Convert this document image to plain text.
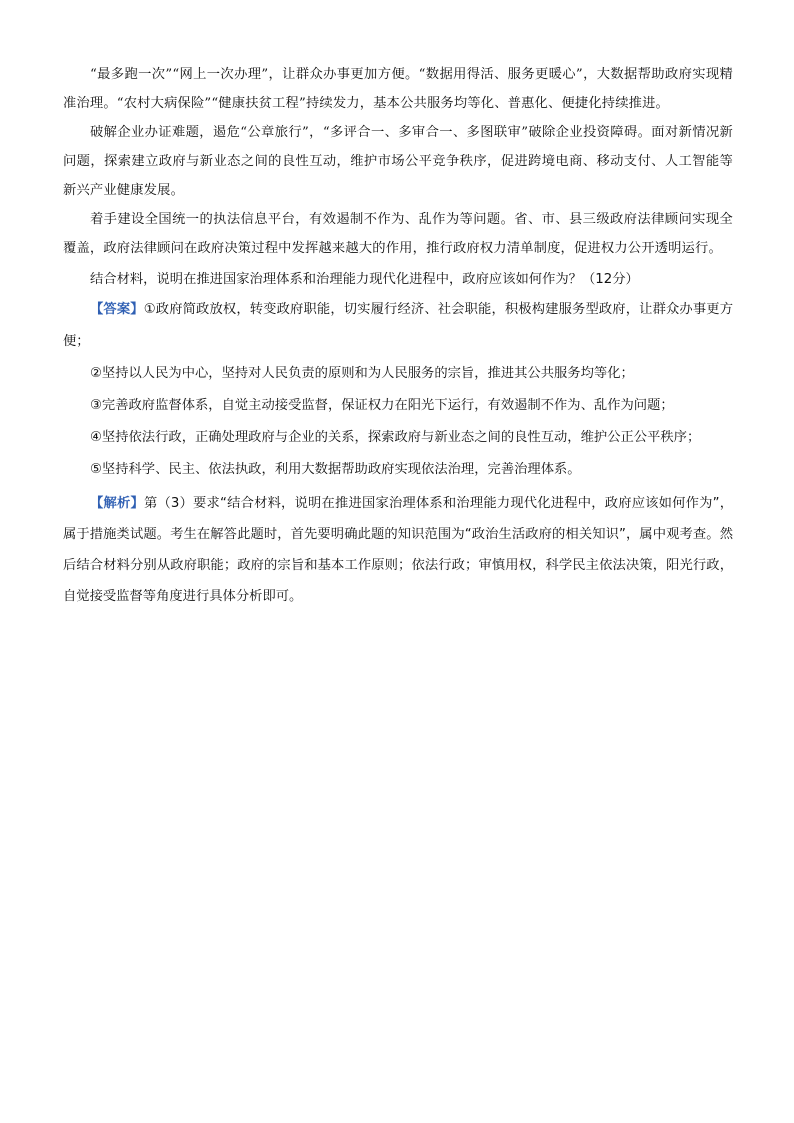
“最多跑一次”“网上一次办理”，让群众办事更加方便。“数据用得活、服务更暖心”，大数据帮助政府实现精准治理。“农村大病保险”“健康扶贫工程”持续发力，基本公共服务均等化、普惠化、便捷化持续推进。

破解企业办证难题，遏危“公章旅行”，“多评合一、多审合一、多图联审”破除企业投资障碍。面对新情况新问题，探索建立政府与新业态之间的良性互动，维护市场公平竞争秩序，促进跨境电商、移动支付、人工智能等新兴产业健康发展。

着手建设全国统一的执法信息平台，有效遏制不作为、乱作为等问题。省、市、县三级政府法律顾问实现全覆盖，政府法律顾问在政府决策过程中发挥越来越大的作用，推行政府权力清单制度，促进权力公开透明运行。

结合材料，说明在推进国家治理体系和治理能力现代化进程中，政府应该如何作为？（12分）

【答案】①政府简政放权，转变政府职能，切实履行经济、社会职能，积极构建服务型政府，让群众办事更方便；

②坚持以人民为中心，坚持对人民负责的原则和为人民服务的宗旨，推进其公共服务均等化；

③完善政府监督体系，自觉主动接受监督，保证权力在阳光下运行，有效遏制不作为、乱作为问题；

④坚持依法行政，正确处理政府与企业的关系，探索政府与新业态之间的良性互动，维护公正公平秩序；

⑤坚持科学、民主、依法执政，利用大数据帮助政府实现依法治理，完善治理体系。

【解析】第（3）要求“结合材料，说明在推进国家治理体系和治理能力现代化进程中，政府应该如何作为”，属于措施类试题。考生在解答此题时，首先要明确此题的知识范围为“政治生活政府的相关知识”，属中观考查。然后结合材料分别从政府职能；政府的宗旨和基本工作原则；依法行政；审慎用权，科学民主依法决策，阳光行政，自觉接受监督等角度进行具体分析即可。
